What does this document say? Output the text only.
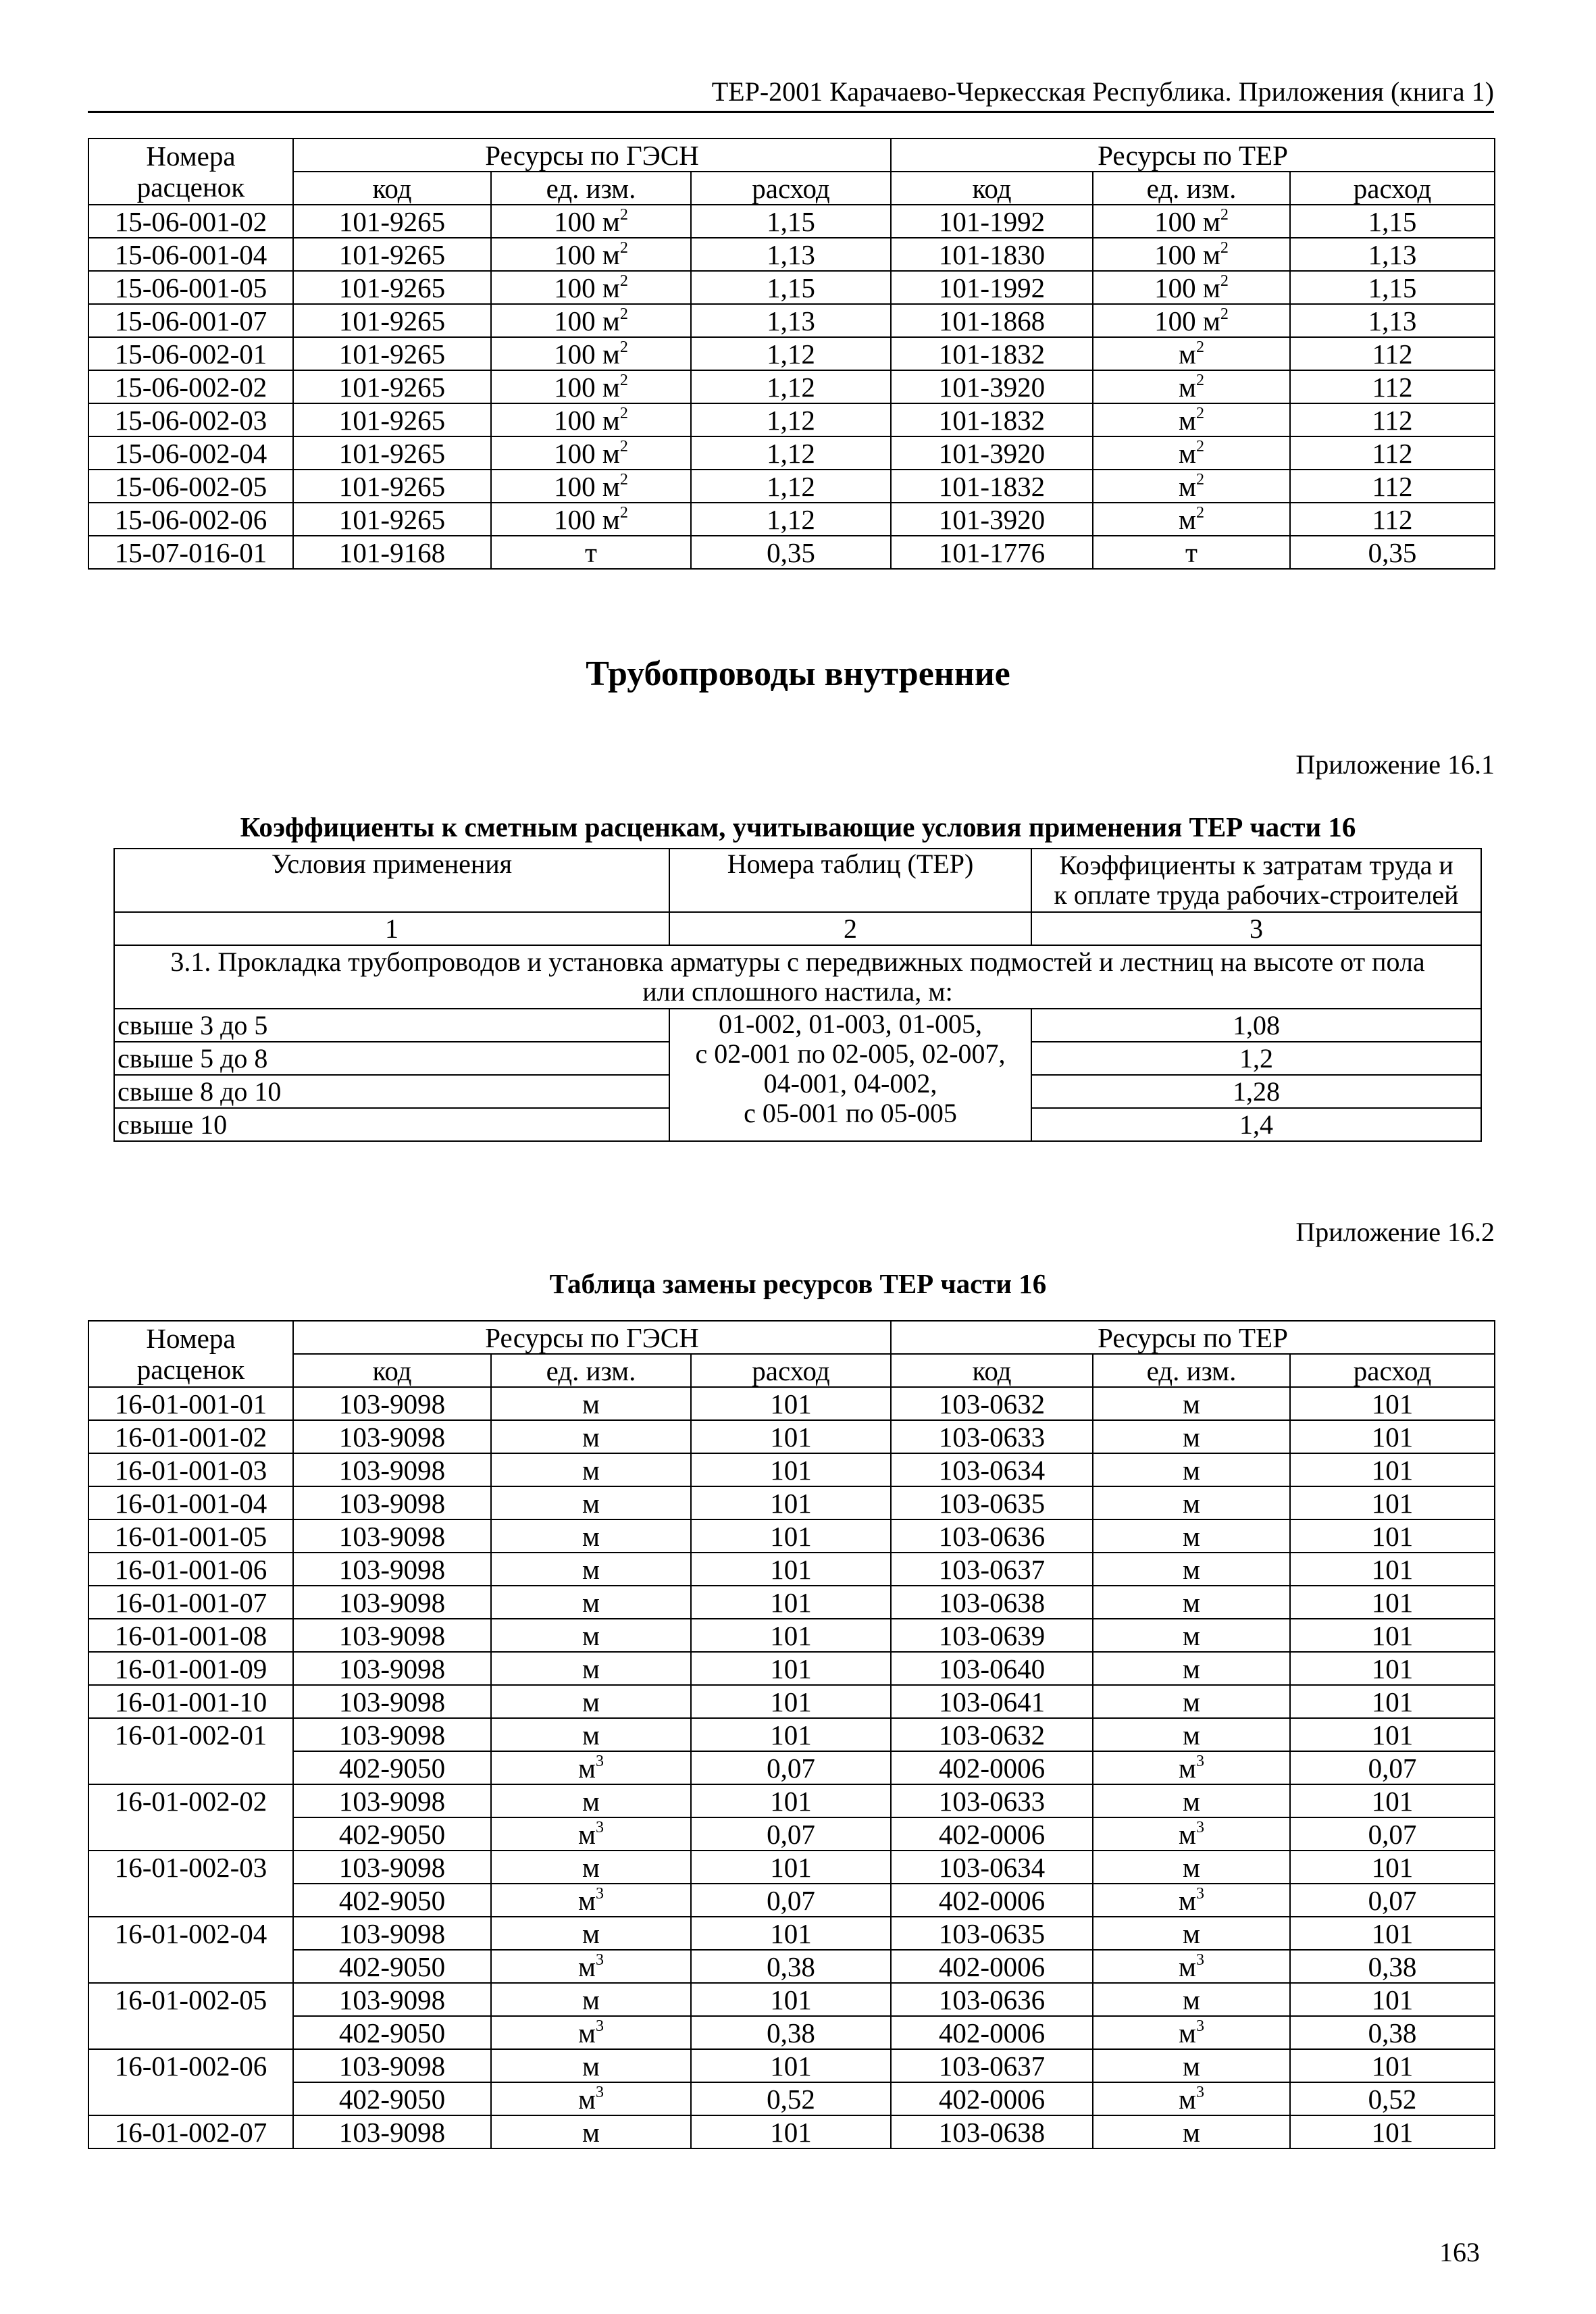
ТЕР-2001 Карачаево-Черкесская Республика. Приложения (книга 1)
Номера
расценок	Ресурсы по ГЭСН			Ресурсы по ТЕР		
	код	ед. изм.	расход	код	ед. изм.	расход
15-06-001-02	101-9265	100 $м^2$	1,15	101-1992	100 $м^2$	1,15
15-06-001-04	101-9265	100 $м^2$	1,13	101-1830	100 $м^2$	1,13
15-06-001-05	101-9265	100 $м^2$	1,15	101-1992	100 $м^2$	1,15
15-06-001-07	101-9265	100 $м^2$	1,13	101-1868	100 $м^2$	1,13
15-06-002-01	101-9265	100 $м^2$	1,12	101-1832	$м^2$	112
15-06-002-02	101-9265	100 $м^2$	1,12	101-3920	$м^2$	112
15-06-002-03	101-9265	100 $м^2$	1,12	101-1832	$м^2$	112
15-06-002-04	101-9265	100 $м^2$	1,12	101-3920	$м^2$	112
15-06-002-05	101-9265	100 $м^2$	1,12	101-1832	$м^2$	112
15-06-002-06	101-9265	100 $м^2$	1,12	101-3920	$м^2$	112
15-07-016-01	101-9168	т	0,35	101-1776	т	0,35
Трубопроводы внутренние
Приложение 16.1
Коэффициенты к сметным расценкам, учитывающие условия применения ТЕР части 16
Условия применения	Номера таблиц (ТЕР)	Коэффициенты к затратам труда и
к оплате труда рабочих-строителей

1	2	3

3.1. Прокладка трубопроводов и установка арматуры с передвижных подмостей и лестниц на высоте от пола
или сплошного настила, м:		

свыше 3 до 5	01-002, 01-003, 01-005,
с 02-001 по 02-005, 02-007,
04-001, 04-002,
с 05-001 по 05-005	1,08
свыше 5 до 8		1,2
свыше 8 до 10		1,28
свыше 10		1,4
Приложение 16.2
Таблица замены ресурсов ТЕР части 16
Номера
расценок	Ресурсы по ГЭСН			Ресурсы по ТЕР		
	код	ед. изм.	расход	код	ед. изм.	расход
16-01-001-01	103-9098	м	101	103-0632	м	101
16-01-001-02	103-9098	м	101	103-0633	м	101
16-01-001-03	103-9098	м	101	103-0634	м	101
16-01-001-04	103-9098	м	101	103-0635	м	101
16-01-001-05	103-9098	м	101	103-0636	м	101
16-01-001-06	103-9098	м	101	103-0637	м	101
16-01-001-07	103-9098	м	101	103-0638	м	101
16-01-001-08	103-9098	м	101	103-0639	м	101
16-01-001-09	103-9098	м	101	103-0640	м	101
16-01-001-10	103-9098	м	101	103-0641	м	101
16-01-002-01	103-9098	м	101	103-0632	м	101
	402-9050	$м^3$	0,07	402-0006	$м^3$	0,07
16-01-002-02	103-9098	м	101	103-0633	м	101
	402-9050	$м^3$	0,07	402-0006	$м^3$	0,07
16-01-002-03	103-9098	м	101	103-0634	м	101
	402-9050	$м^3$	0,07	402-0006	$м^3$	0,07
16-01-002-04	103-9098	м	101	103-0635	м	101
	402-9050	$м^3$	0,38	402-0006	$м^3$	0,38
16-01-002-05	103-9098	м	101	103-0636	м	101
	402-9050	$м^3$	0,38	402-0006	$м^3$	0,38
16-01-002-06	103-9098	м	101	103-0637	м	101
	402-9050	$м^3$	0,52	402-0006	$м^3$	0,52
16-01-002-07	103-9098	м	101	103-0638	м	101
163
